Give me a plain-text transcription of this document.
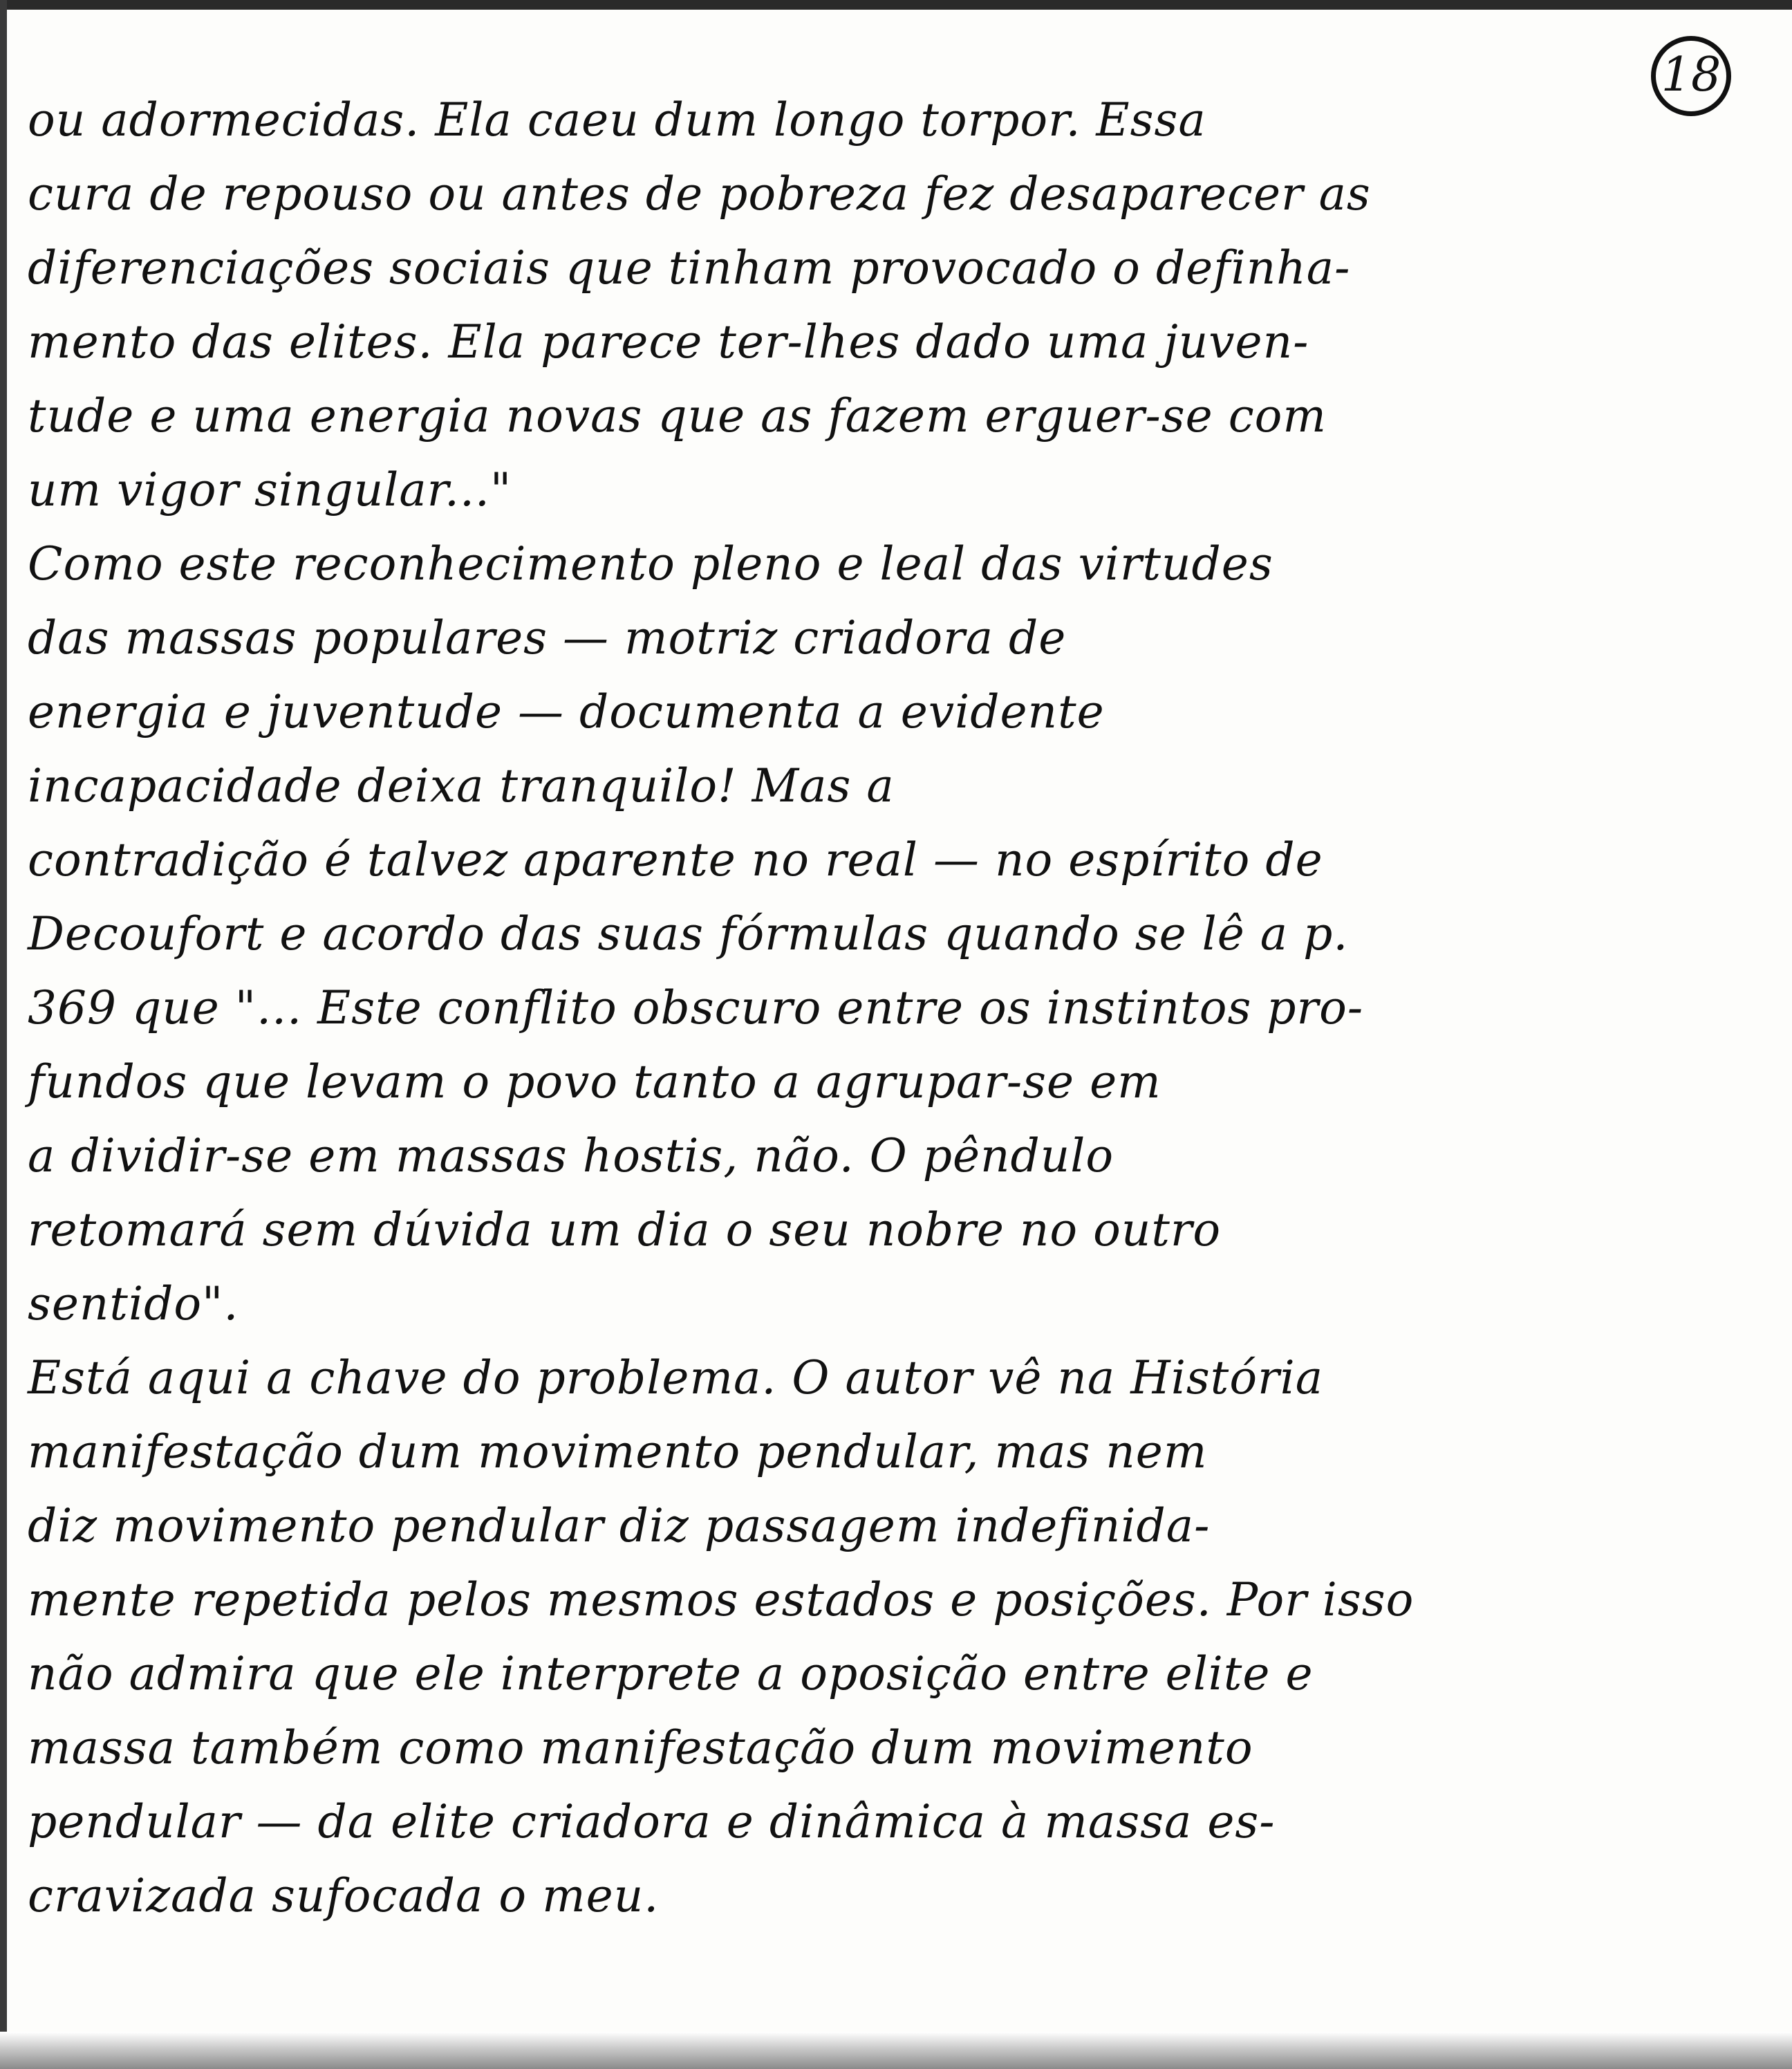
18
ou adormecidas. Ela caeu dum longo torpor. Essa
cura de repouso ou antes de pobreza fez desaparecer as
diferenciações sociais que tinham provocado o definha-
mento das elites. Ela parece ter-lhes dado uma juven-
tude e uma energia novas que as fazem erguer-se com
um vigor singular..."
Como este reconhecimento pleno e leal das virtudes
das massas populares — motriz criadora de
energia e juventude — documenta a evidente
incapacidade deixa tranquilo! Mas a
contradição é talvez aparente no real — no espírito de
Decoufort e acordo das suas fórmulas quando se lê a p.
369 que "... Este conflito obscuro entre os instintos pro-
fundos que levam o povo tanto a agrupar-se em
a dividir-se em massas hostis, não. O pêndulo
retomará sem dúvida um dia o seu nobre no outro
sentido".
Está aqui a chave do problema. O autor vê na História
manifestação dum movimento pendular, mas nem
diz movimento pendular diz passagem indefinida-
mente repetida pelos mesmos estados e posições. Por isso
não admira que ele interprete a oposição entre elite e
massa também como manifestação dum movimento
pendular — da elite criadora e dinâmica à massa es-
cravizada sufocada o meu.
